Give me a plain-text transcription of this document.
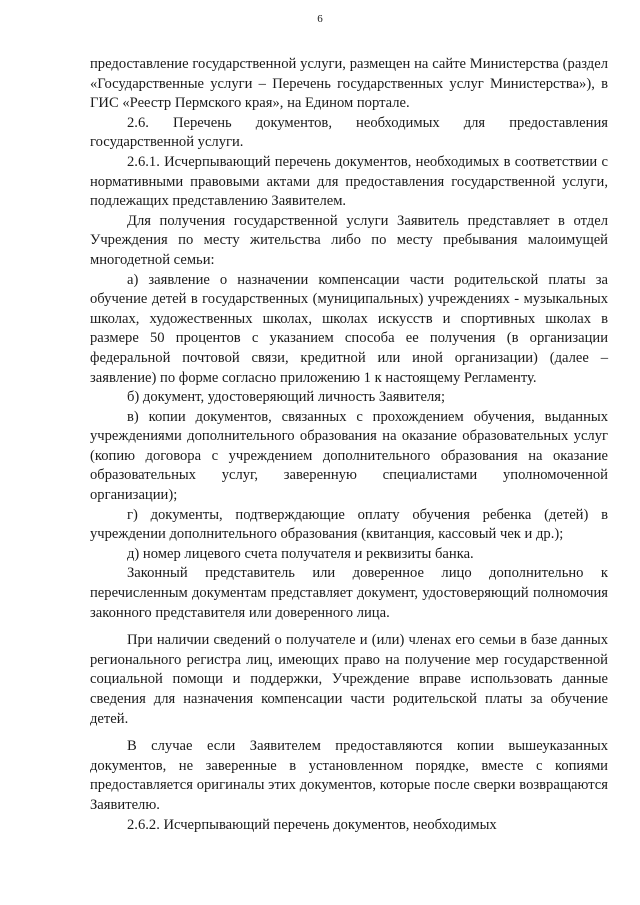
6

предоставление государственной услуги, размещен на сайте Министерства (раздел «Государственные услуги – Перечень государственных услуг Министерства»), в ГИС «Реестр Пермского края», на Едином портале.

2.6. Перечень документов, необходимых для предоставления государственной услуги.

2.6.1. Исчерпывающий перечень документов, необходимых в соответствии с нормативными правовыми актами для предоставления государственной услуги, подлежащих представлению Заявителем.

Для получения государственной услуги Заявитель представляет в отдел Учреждения по месту жительства либо по месту пребывания малоимущей многодетной семьи:

а) заявление о назначении компенсации части родительской платы за обучение детей в государственных (муниципальных) учреждениях - музыкальных школах, художественных школах, школах искусств и спортивных школах в размере 50 процентов с указанием способа ее получения (в организации федеральной почтовой связи, кредитной или иной организации) (далее – заявление) по форме согласно приложению 1 к настоящему Регламенту.

б) документ, удостоверяющий личность Заявителя;

в) копии документов, связанных с прохождением обучения, выданных учреждениями дополнительного образования на оказание образовательных услуг (копию договора с учреждением дополнительного образования на оказание образовательных услуг, заверенную специалистами уполномоченной организации);

г) документы, подтверждающие оплату обучения ребенка (детей) в учреждении дополнительного образования (квитанция, кассовый чек и др.);

д) номер лицевого счета получателя и реквизиты банка.

Законный представитель или доверенное лицо дополнительно к перечисленным документам представляет документ, удостоверяющий полномочия законного представителя или доверенного лица.

При наличии сведений о получателе и (или) членах его семьи в базе данных регионального регистра лиц, имеющих право на получение мер государственной социальной помощи и поддержки, Учреждение вправе использовать данные сведения для назначения компенсации части родительской платы за обучение детей.

В случае если Заявителем предоставляются копии вышеуказанных документов, не заверенные в установленном порядке, вместе с копиями предоставляется оригиналы этих документов, которые после сверки возвращаются Заявителю.

2.6.2. Исчерпывающий перечень документов, необходимых
